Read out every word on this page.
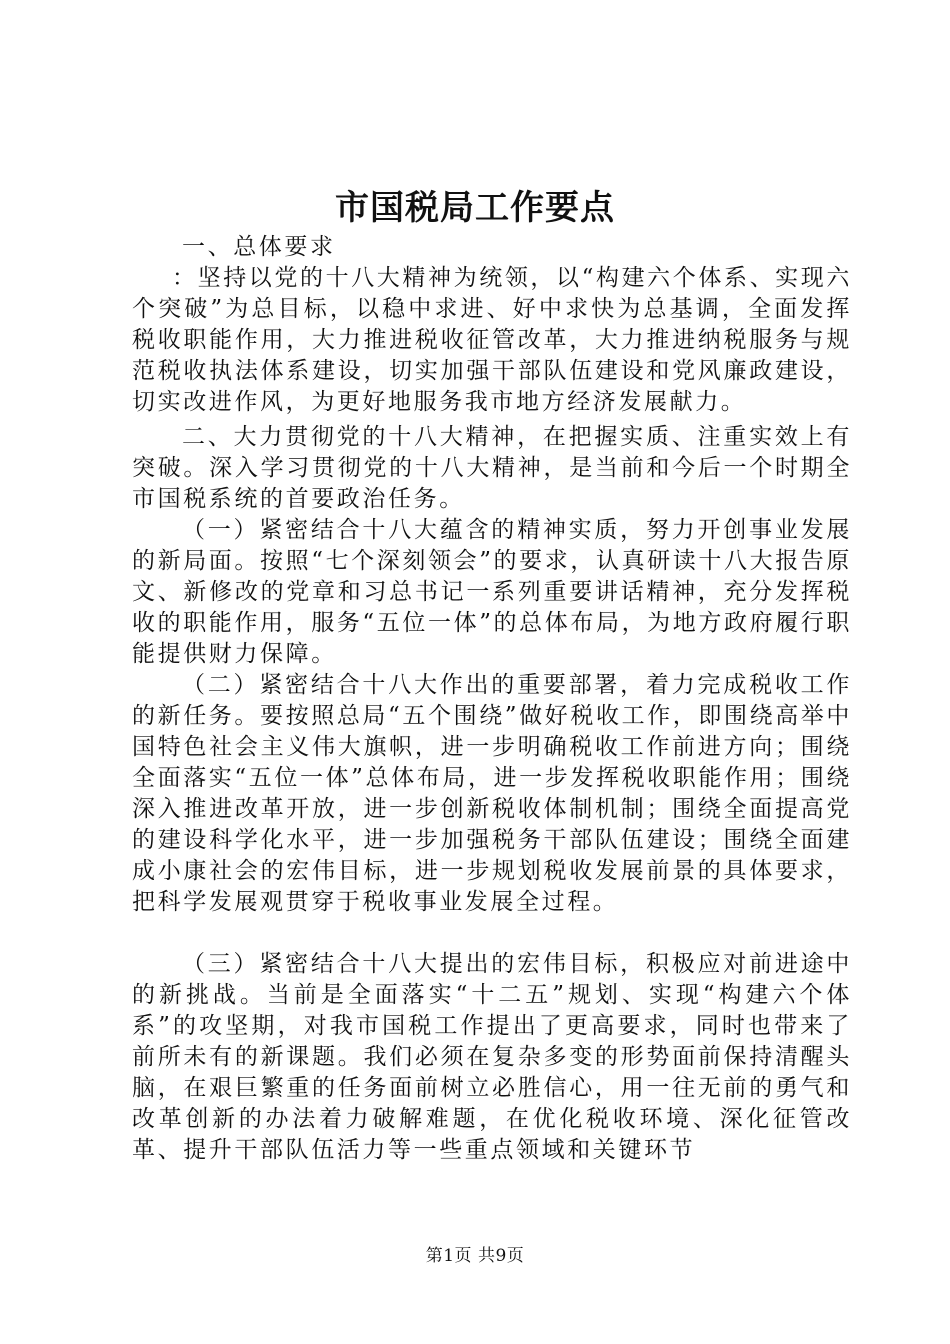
市国税局工作要点

一、总体要求

：坚持以党的十八大精神为统领，以“构建六个体系、实现六个突破”为总目标，以稳中求进、好中求快为总基调，全面发挥税收职能作用，大力推进税收征管改革，大力推进纳税服务与规范税收执法体系建设，切实加强干部队伍建设和党风廉政建设，切实改进作风，为更好地服务我市地方经济发展献力。

二、大力贯彻党的十八大精神，在把握实质、注重实效上有突破。深入学习贯彻党的十八大精神，是当前和今后一个时期全市国税系统的首要政治任务。

（一）紧密结合十八大蕴含的精神实质，努力开创事业发展的新局面。按照“七个深刻领会”的要求，认真研读十八大报告原文、新修改的党章和习总书记一系列重要讲话精神，充分发挥税收的职能作用，服务“五位一体”的总体布局，为地方政府履行职能提供财力保障。

（二）紧密结合十八大作出的重要部署，着力完成税收工作的新任务。要按照总局“五个围绕”做好税收工作，即围绕高举中国特色社会主义伟大旗帜，进一步明确税收工作前进方向；围绕全面落实“五位一体”总体布局，进一步发挥税收职能作用；围绕深入推进改革开放，进一步创新税收体制机制；围绕全面提高党的建设科学化水平，进一步加强税务干部队伍建设；围绕全面建成小康社会的宏伟目标，进一步规划税收发展前景的具体要求，把科学发展观贯穿于税收事业发展全过程。

（三）紧密结合十八大提出的宏伟目标，积极应对前进途中的新挑战。当前是全面落实“十二五”规划、实现“构建六个体系”的攻坚期，对我市国税工作提出了更高要求，同时也带来了前所未有的新课题。我们必须在复杂多变的形势面前保持清醒头脑，在艰巨繁重的任务面前树立必胜信心，用一往无前的勇气和改革创新的办法着力破解难题，在优化税收环境、深化征管改革、提升干部队伍活力等一些重点领域和关键环节

第1页 共9页
